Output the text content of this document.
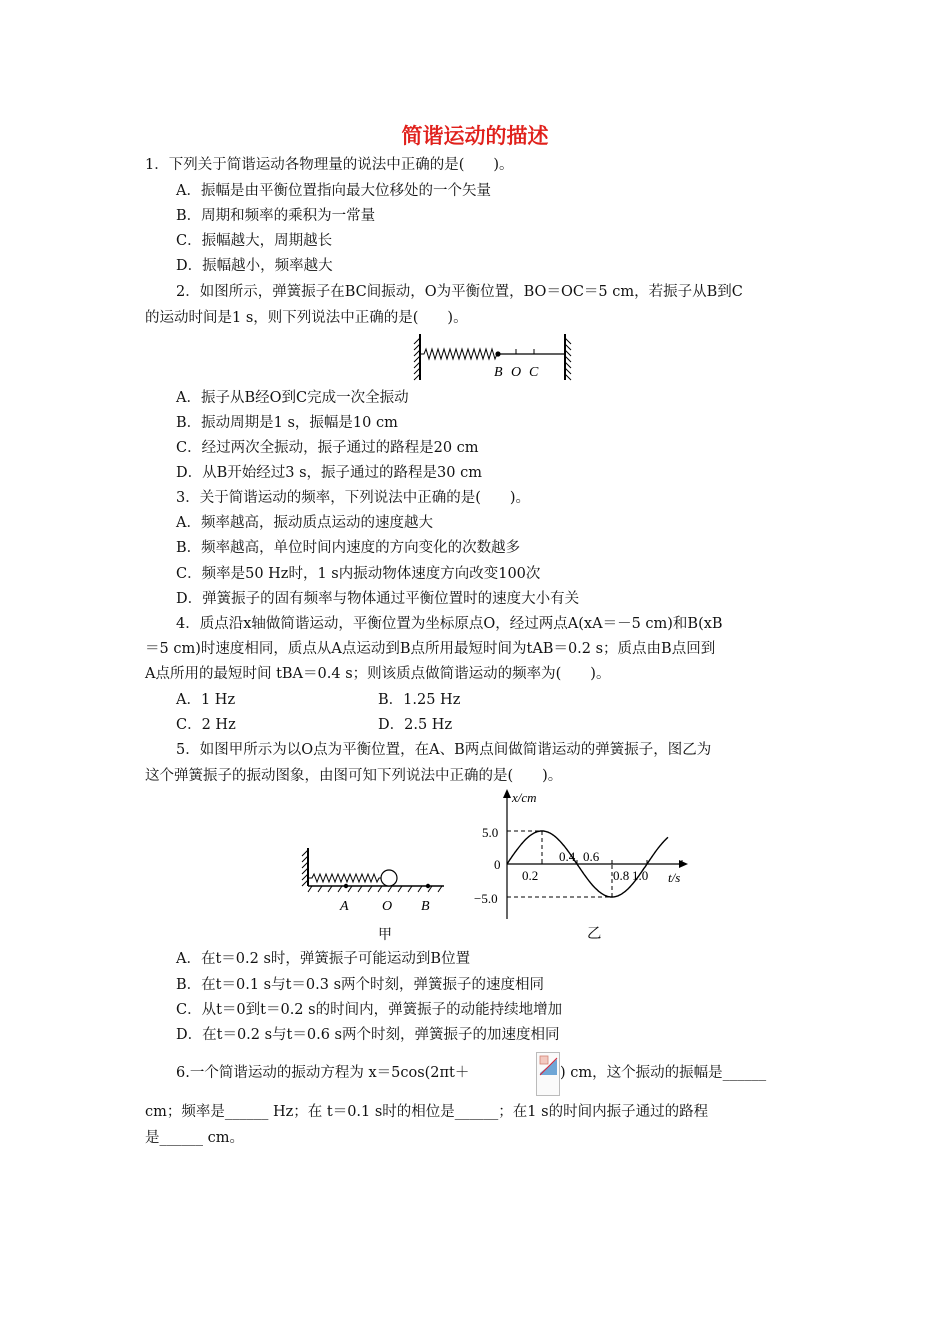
简谐运动的描述
1．下列关于简谐运动各物理量的说法中正确的是(　　)。
A．振幅是由平衡位置指向最大位移处的一个矢量
B．周期和频率的乘积为一常量
C．振幅越大，周期越长
D．振幅越小，频率越大
2．如图所示，弹簧振子在BC间振动，O为平衡位置，BO＝OC＝5 cm，若振子从B到C
的运动时间是1 s，则下列说法中正确的是(　　)。
B O C
A．振子从B经O到C完成一次全振动
B．振动周期是1 s，振幅是10 cm
C．经过两次全振动，振子通过的路程是20 cm
D．从B开始经过3 s，振子通过的路程是30 cm
3．关于简谐运动的频率，下列说法中正确的是(　　)。
A．频率越高，振动质点运动的速度越大
B．频率越高，单位时间内速度的方向变化的次数越多
C．频率是50 Hz时，1 s内振动物体速度方向改变100次
D．弹簧振子的固有频率与物体通过平衡位置时的速度大小有关
4．质点沿x轴做简谐运动，平衡位置为坐标原点O，经过两点A(xA＝－5 cm)和B(xB
＝5 cm)时速度相同，质点从A点运动到B点所用最短时间为tAB＝0.2 s；质点由B点回到
A点所用的最短时间 tBA＝0.4 s；则该质点做简谐运动的频率为(　　)。
A．1 Hz	B．1.25 Hz
C．2 Hz	D．2.5 Hz
5．如图甲所示为以O点为平衡位置，在A、B两点间做简谐运动的弹簧振子，图乙为
这个弹簧振子的振动图象，由图可知下列说法中正确的是(　　)。
A O B
甲
x/cm
t/s
5.0
0
−5.0
0.2
0.4 0.6
0.8 1.0
乙
A．在t＝0.2 s时，弹簧振子可能运动到B位置
B．在t＝0.1 s与t＝0.3 s两个时刻，弹簧振子的速度相同
C．从t＝0到t＝0.2 s的时间内，弹簧振子的动能持续地增加
D．在t＝0.2 s与t＝0.6 s两个时刻，弹簧振子的加速度相同
6.一个简谐运动的振动方程为 x＝5cos(2πt＋	) cm，这个振动的振幅是______
cm；频率是______ Hz；在 t＝0.1 s时的相位是______；在1 s的时间内振子通过的路程
是______ cm。
